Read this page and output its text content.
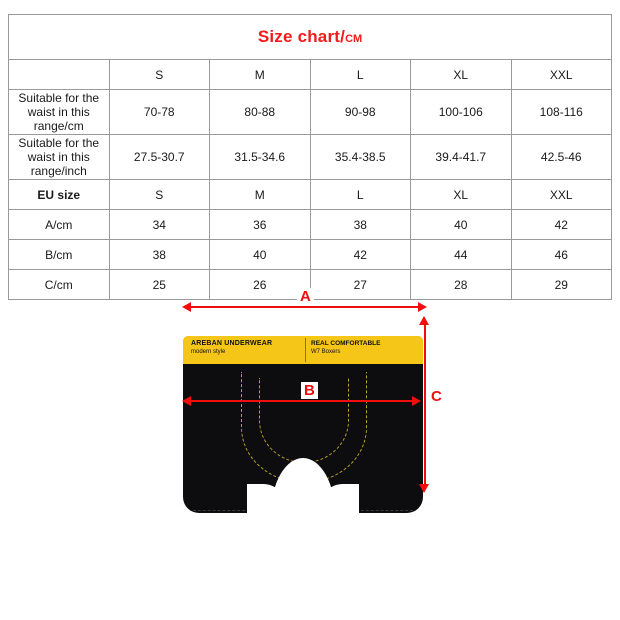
Size chart/CM					
	S	M	L	XL	XXL
Suitable for the waist in this range/cm	70-78	80-88	90-98	100-106	108-116
Suitable for the waist in this range/inch	27.5-30.7	31.5-34.6	35.4-38.5	39.4-41.7	42.5-46
EU size	S	M	L	XL	XXL
A/cm	34	36	38	40	42
B/cm	38	40	42	44	46
C/cm	25	26	27	28	29
AREBAN UNDERWEAR
modern style
REAL COMFORTABLE
W7 Boxers
A
B	C
